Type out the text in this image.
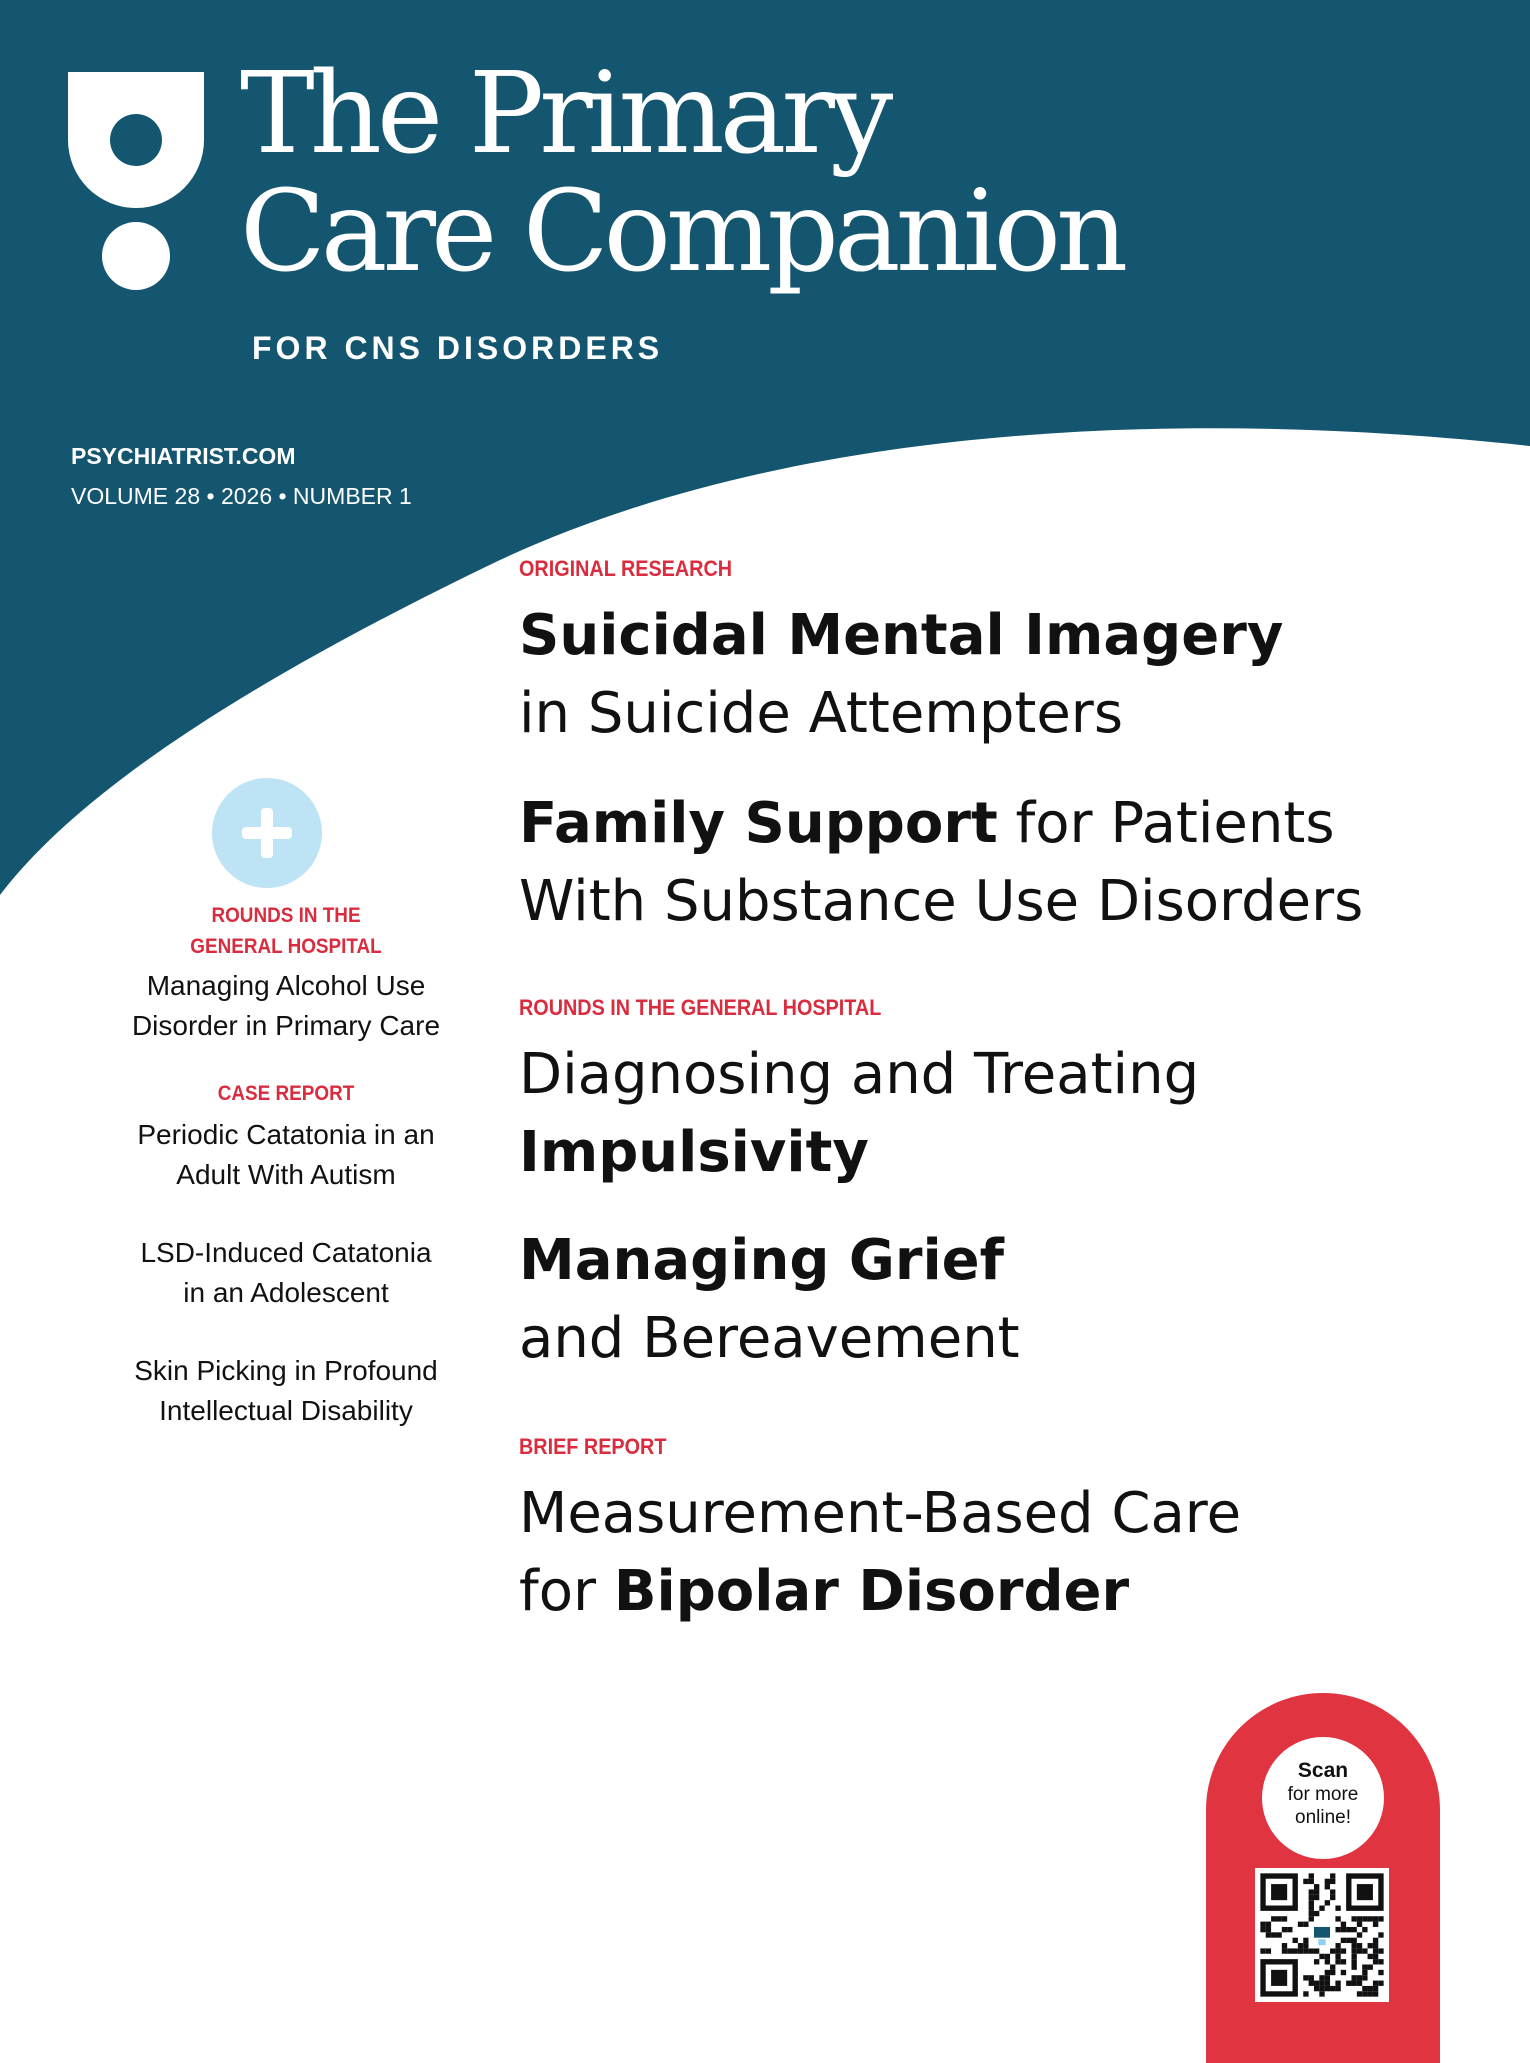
The Primary
Care Companion
FOR CNS DISORDERS
PSYCHIATRIST.COM
VOLUME 28 • 2026 • NUMBER 1
ROUNDS IN THE
GENERAL HOSPITAL
Managing Alcohol Use
Disorder in Primary Care
CASE REPORT
Periodic Catatonia in an
Adult With Autism
LSD-Induced Catatonia
in an Adolescent
Skin Picking in Profound
Intellectual Disability
ORIGINAL RESEARCH
Suicidal Mental Imagery
in Suicide Attempters
Family Support for Patients
With Substance Use Disorders
ROUNDS IN THE GENERAL HOSPITAL
Diagnosing and Treating
Impulsivity
Managing Grief
and Bereavement
BRIEF REPORT
Measurement-Based Care
for Bipolar Disorder
Scan
for more
online!
